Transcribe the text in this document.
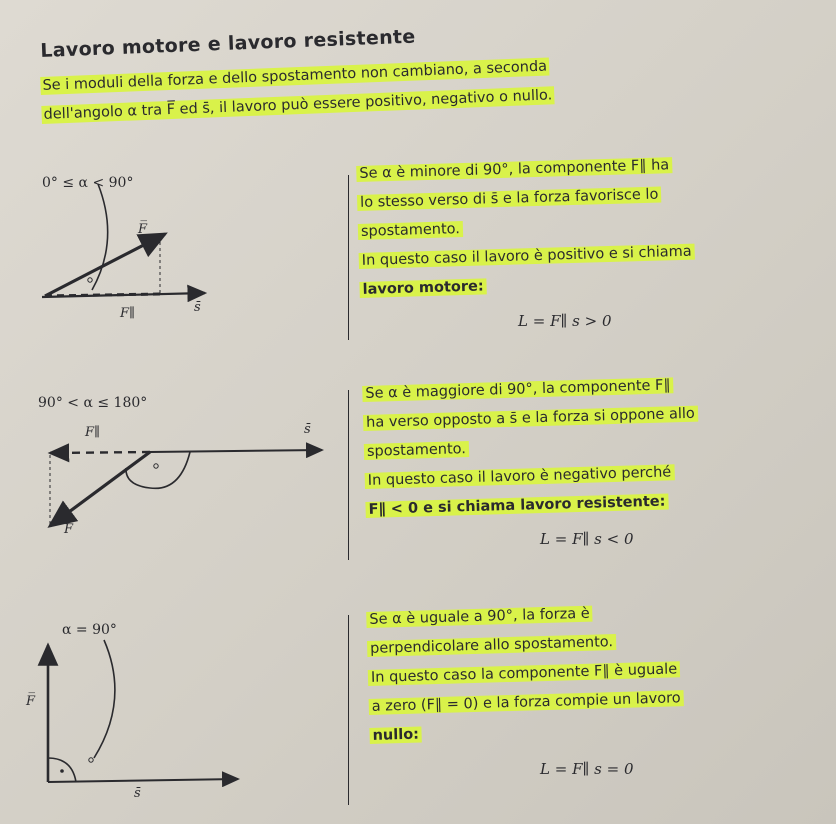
Lavoro motore e lavoro resistente
Se i moduli della forza e dello spostamento non cambiano, a seconda
dell'angolo α tra F̅ ed s̄, il lavoro può essere positivo, negativo o nullo.
0° ≤ α < 90°
F̅
s̄
F∥
Se α è minore di 90°, la componente F∥ ha
lo stesso verso di s̄ e la forza favorisce lo
spostamento.
In questo caso il lavoro è positivo e si chiama
lavoro motore:
L = F∥ s > 0
90° < α ≤ 180°
F∥	s̄
F̅
Se α è maggiore di 90°, la componente F∥
ha verso opposto a s̄ e la forza si oppone allo
spostamento.
In questo caso il lavoro è negativo perché
F∥ < 0 e si chiama lavoro resistente:
L = F∥ s < 0
α = 90°
F̅
s̄
Se α è uguale a 90°, la forza è
perpendicolare allo spostamento.
In questo caso la componente F∥ è uguale
a zero (F∥ = 0) e la forza compie un lavoro
nullo:
L = F∥ s = 0
